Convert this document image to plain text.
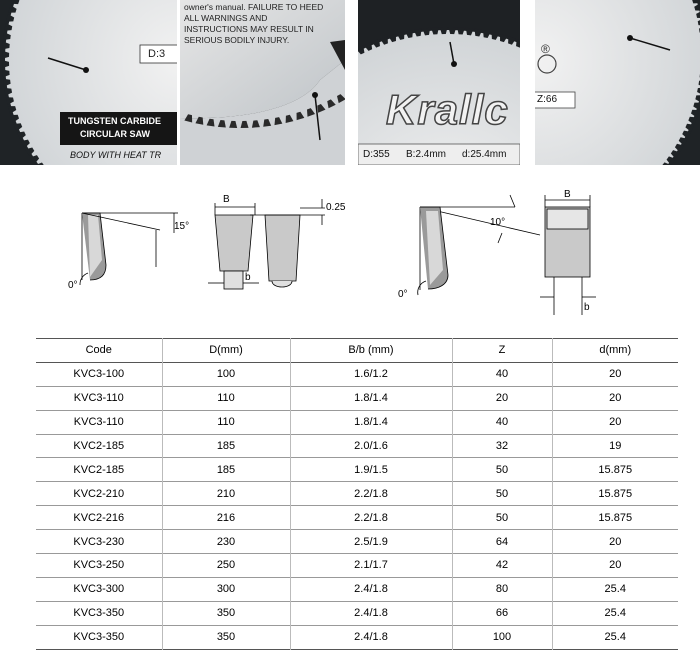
D:3
TUNGSTEN CARBIDE
CIRCULAR SAW
BODY WITH HEAT TR
owner's manual. FAILURE TO HEED
ALL WARNINGS AND
INSTRUCTIONS MAY RESULT IN
SERIOUS BODILY INJURY.
Krallc
D:355 B:2.4mm d:25.4mm
®
Z:66
15°
0°
B
b
0.25
10°
0°
B
b
Code	D(mm)	B/b (mm)	Z	d(mm)
KVC3-100	100	1.6/1.2	40	20
KVC3-110	110	1.8/1.4	20	20
KVC3-110	110	1.8/1.4	40	20
KVC2-185	185	2.0/1.6	32	19
KVC2-185	185	1.9/1.5	50	15.875
KVC2-210	210	2.2/1.8	50	15.875
KVC2-216	216	2.2/1.8	50	15.875
KVC3-230	230	2.5/1.9	64	20
KVC3-250	250	2.1/1.7	42	20
KVC3-300	300	2.4/1.8	80	25.4
KVC3-350	350	2.4/1.8	66	25.4
KVC3-350	350	2.4/1.8	100	25.4
